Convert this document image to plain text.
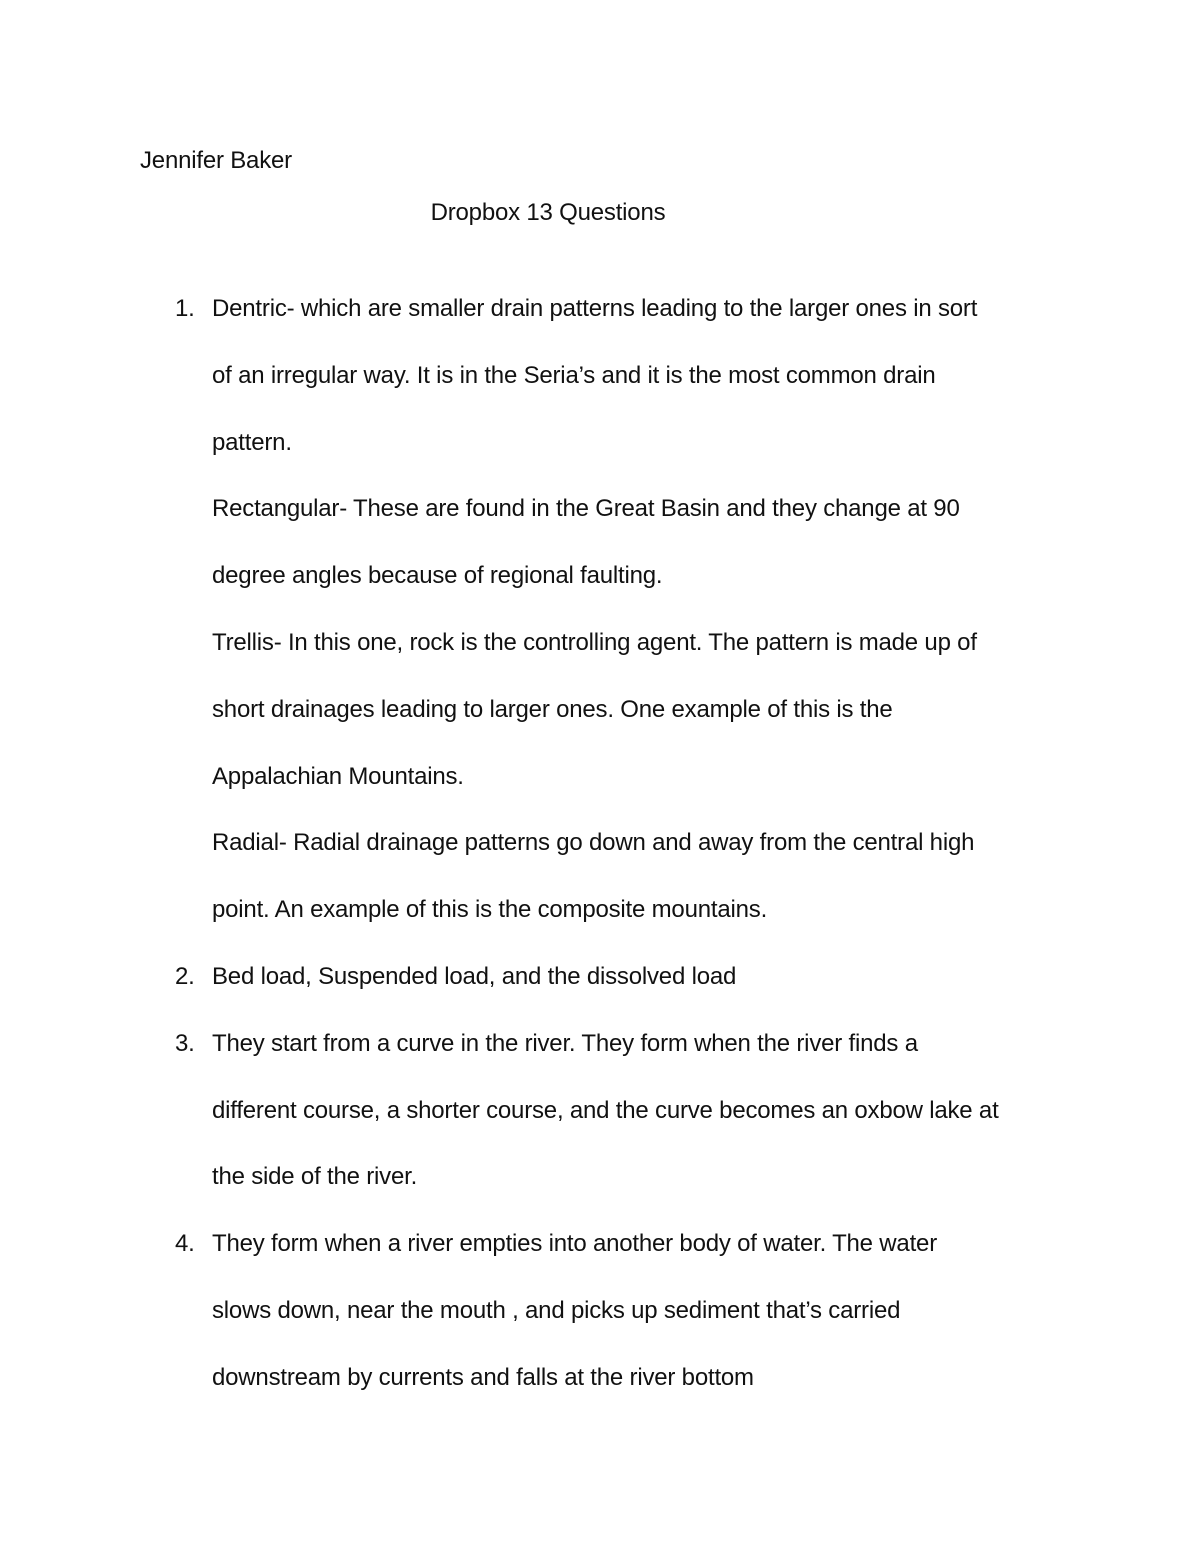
Jennifer Baker
Dropbox 13 Questions
1. Dentric- which are smaller drain patterns leading to the larger ones in sort
of an irregular way. It is in the Seria’s and it is the most common drain
pattern.
Rectangular- These are found in the Great Basin and they change at 90
degree angles because of regional faulting.
Trellis- In this one, rock is the controlling agent. The pattern is made up of
short drainages leading to larger ones. One example of this is the
Appalachian Mountains.
Radial- Radial drainage patterns go down and away from the central high
point. An example of this is the composite mountains.
2. Bed load, Suspended load, and the dissolved load
3. They start from a curve in the river. They form when the river finds a
different course, a shorter course, and the curve becomes an oxbow lake at
the side of the river.
4. They form when a river empties into another body of water. The water
slows down, near the mouth , and picks up sediment that’s carried
downstream by currents and falls at the river bottom
